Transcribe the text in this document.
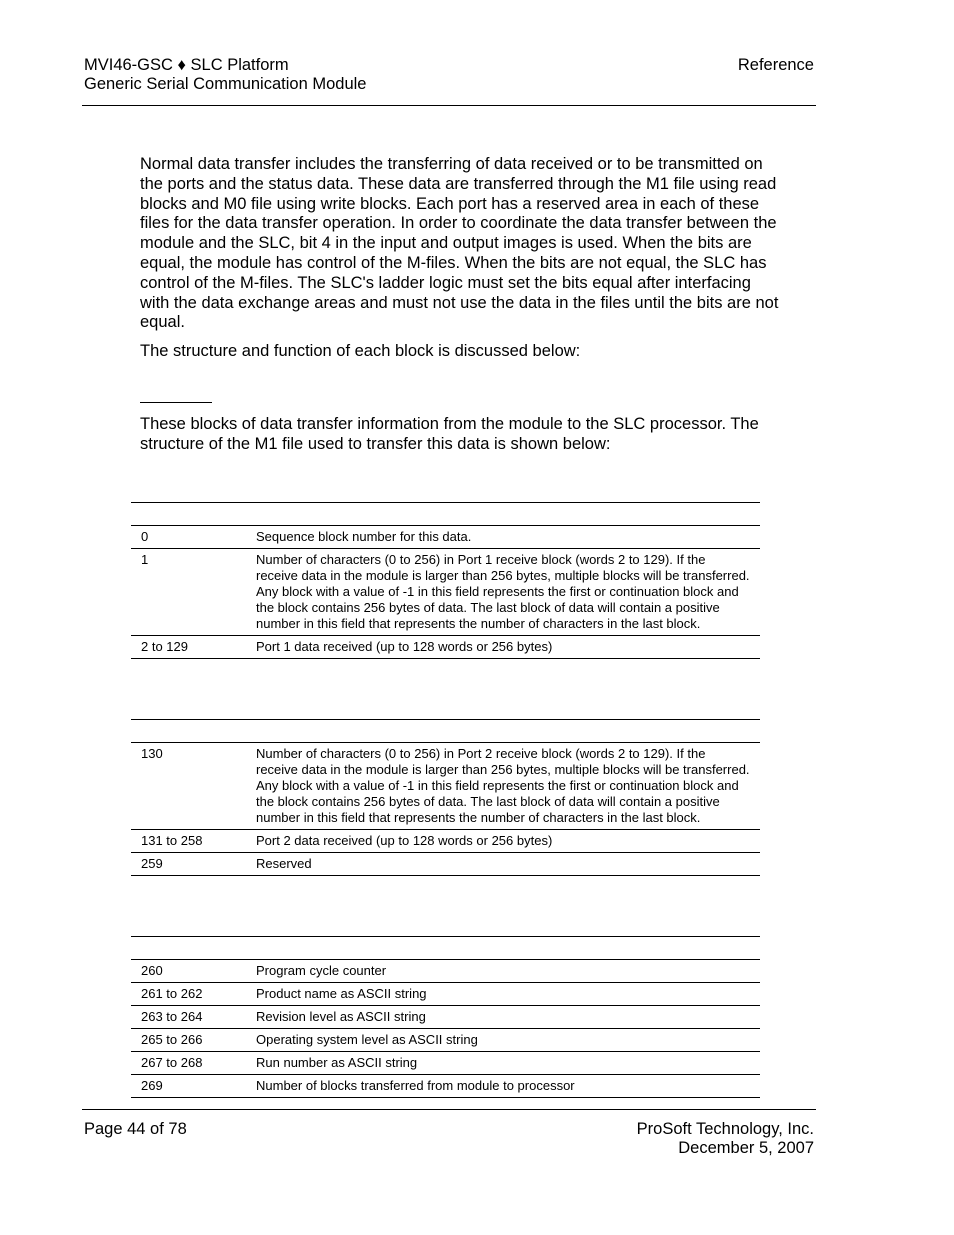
MVI46-GSC ♦ SLC Platform
Generic Serial Communication Module
Reference

Normal data transfer includes the transferring of data received or to be transmitted on the ports and the status data. These data are transferred through the M1 file using read blocks and M0 file using write blocks. Each port has a reserved area in each of these files for the data transfer operation. In order to coordinate the data transfer between the module and the SLC, bit 4 in the input and output images is used. When the bits are equal, the module has control of the M-files. When the bits are not equal, the SLC has control of the M-files. The SLC's ladder logic must set the bits equal after interfacing with the data exchange areas and must not use the data in the files until the bits are not equal.

The structure and function of each block is discussed below:

These blocks of data transfer information from the module to the SLC processor. The structure of the M1 file used to transfer this data is shown below:

0	Sequence block number for this data.
1	Number of characters (0 to 256) in Port 1 receive block (words 2 to 129). If the receive data in the module is larger than 256 bytes, multiple blocks will be transferred. Any block with a value of -1 in this field represents the first or continuation block and the block contains 256 bytes of data. The last block of data will contain a positive number in this field that represents the number of characters in the last block.
2 to 129	Port 1 data received (up to 128 words or 256 bytes)

130	Number of characters (0 to 256) in Port 2 receive block (words 2 to 129). If the receive data in the module is larger than 256 bytes, multiple blocks will be transferred. Any block with a value of -1 in this field represents the first or continuation block and the block contains 256 bytes of data. The last block of data will contain a positive number in this field that represents the number of characters in the last block.
131 to 258	Port 2 data received (up to 128 words or 256 bytes)
259	Reserved

260	Program cycle counter
261 to 262	Product name as ASCII string
263 to 264	Revision level as ASCII string
265 to 266	Operating system level as ASCII string
267 to 268	Run number as ASCII string
269	Number of blocks transferred from module to processor
Page 44 of 78	ProSoft Technology, Inc.
December 5, 2007
